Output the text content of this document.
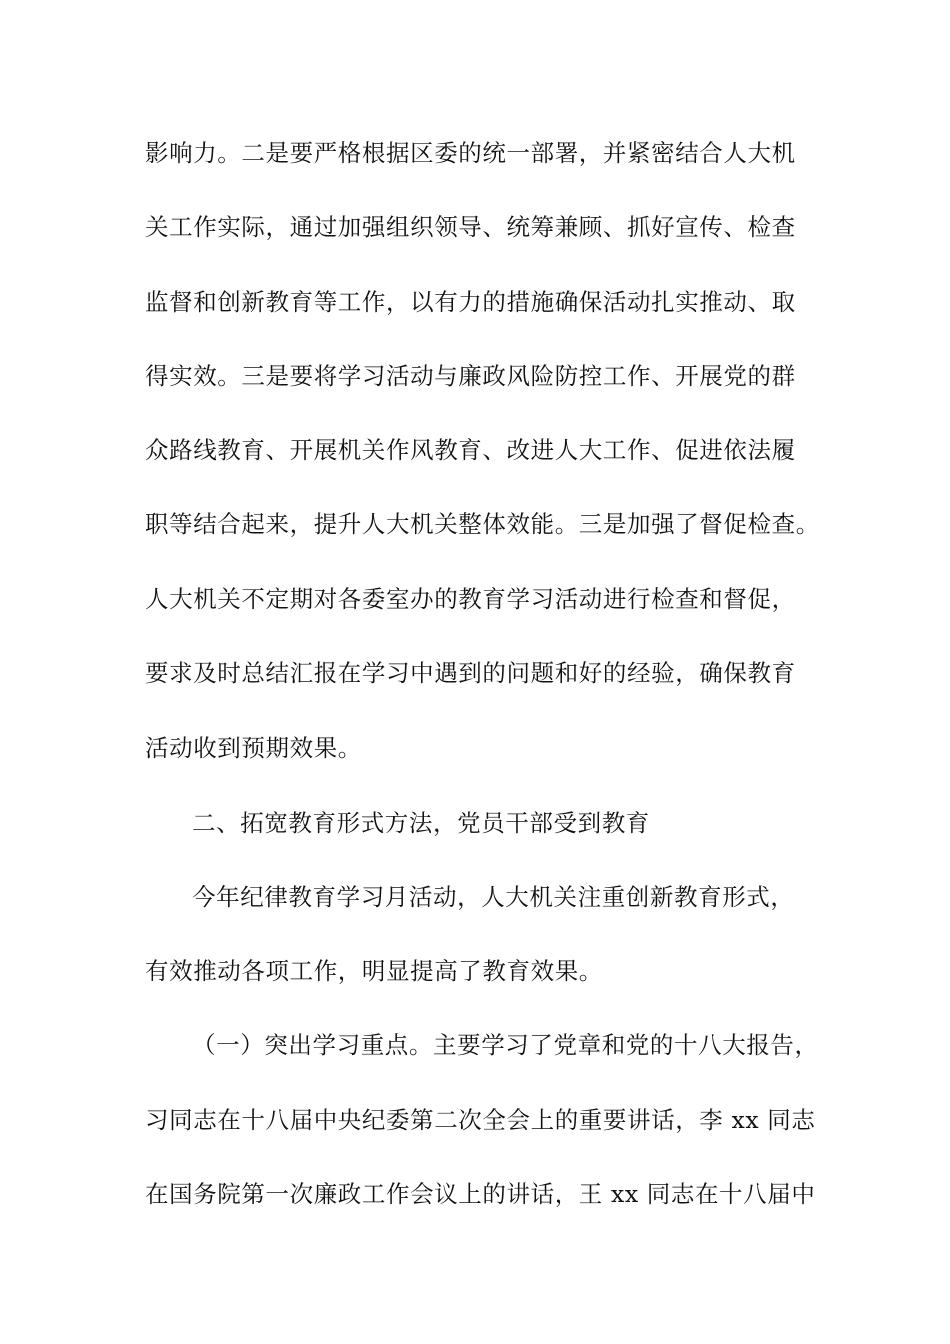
影响力。二是要严格根据区委的统一部署，并紧密结合人大机
关工作实际，通过加强组织领导、统筹兼顾、抓好宣传、检查
监督和创新教育等工作，以有力的措施确保活动扎实推动、取
得实效。三是要将学习活动与廉政风险防控工作、开展党的群
众路线教育、开展机关作风教育、改进人大工作、促进依法履
职等结合起来，提升人大机关整体效能。三是加强了督促检查。
人大机关不定期对各委室办的教育学习活动进行检查和督促，
要求及时总结汇报在学习中遇到的问题和好的经验，确保教育
活动收到预期效果。
二、拓宽教育形式方法，党员干部受到教育
今年纪律教育学习月活动，人大机关注重创新教育形式，
有效推动各项工作，明显提高了教育效果。
（一）突出学习重点。主要学习了党章和党的十八大报告，
习同志在十八届中央纪委第二次全会上的重要讲话，李 xx 同志
在国务院第一次廉政工作会议上的讲话，王 xx 同志在十八届中
